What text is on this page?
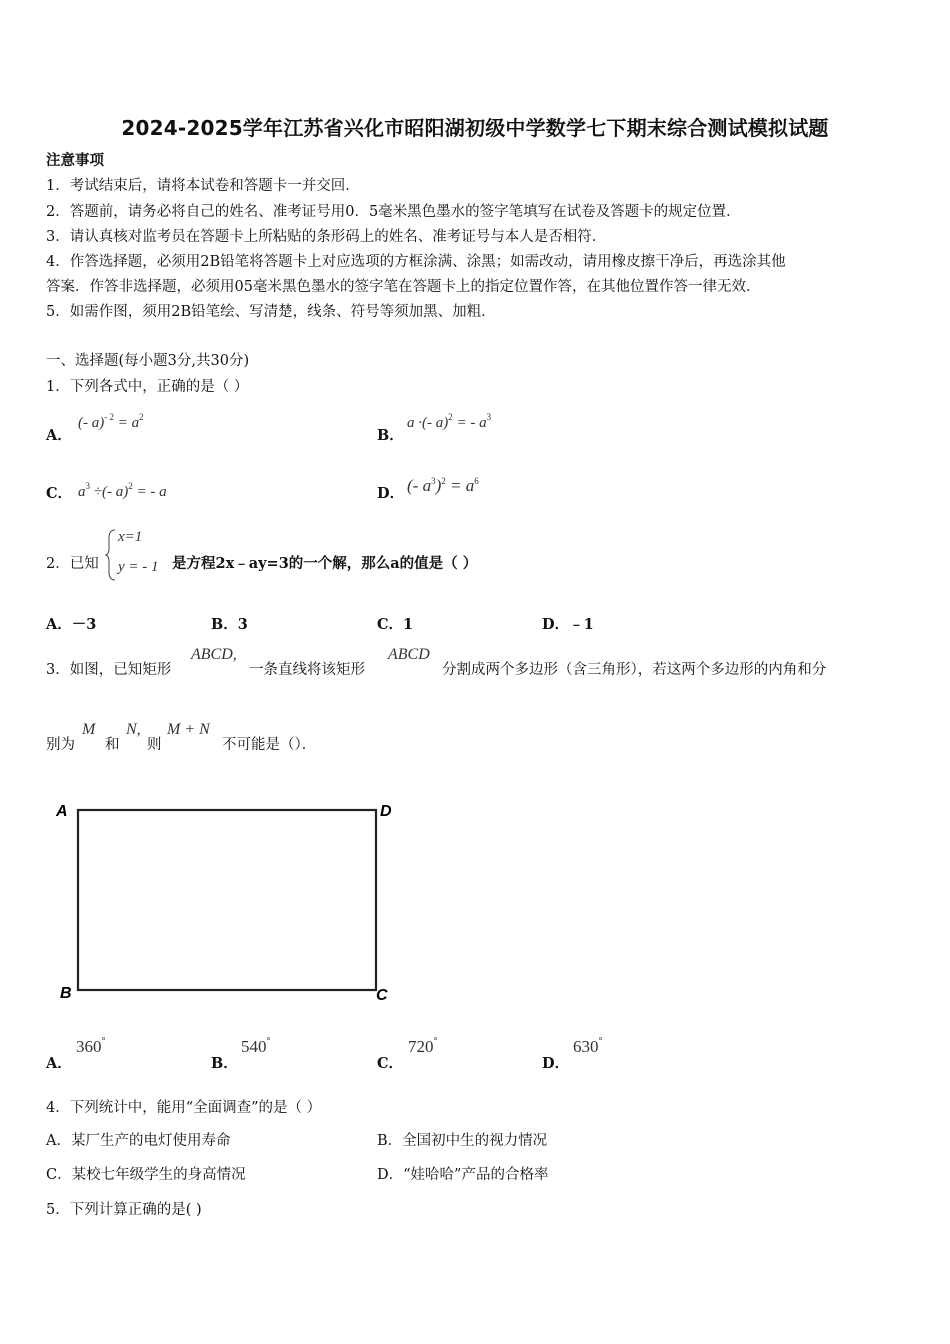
2024-2025学年江苏省兴化市昭阳湖初级中学数学七下期末综合测试模拟试题
注意事项
1．考试结束后，请将本试卷和答题卡一并交回．
2．答题前，请务必将自己的姓名、准考证号用0．5毫米黑色墨水的签字笔填写在试卷及答题卡的规定位置．
3．请认真核对监考员在答题卡上所粘贴的条形码上的姓名、准考证号与本人是否相符．
4．作答选择题，必须用2B铅笔将答题卡上对应选项的方框涂满、涂黑；如需改动，请用橡皮擦干净后，再选涂其他
答案．作答非选择题，必须用05毫米黑色墨水的签字笔在答题卡上的指定位置作答，在其他位置作答一律无效．
5．如需作图，须用2B铅笔绘、写清楚，线条、符号等须加黑、加粗．
一、选择题(每小题3分,共30分)
1．下列各式中，正确的是（ ）
A．
(- $a)^{- 2} = a^2$
B．
a ·(- a)$^2$ = - $a^3$
C． $a^3$ ÷(- a)$^2$ = - a	D． (- $a^3)^2 = a^6$
2．已知
x=1
y = - 1 是方程2x﹣ay=3的一个解，那么a的值是（ ）
A．－3	B．3	C．1	D．﹣1
3．如图，已知矩形
ABCD,
一条直线将该矩形
ABCD
分割成两个多边形（含三角形），若这两个多边形的内角和分
别为
M
和
N,
则
M + N
不可能是（）．
A	D
B	C
A．
360°
B．
540°
C．
720°
D．
630°
4．下列统计中，能用“全面调查”的是（ ）
A．某厂生产的电灯使用寿命	B．全国初中生的视力情况
C．某校七年级学生的身高情况	D．“娃哈哈”产品的合格率
5．下列计算正确的是( )
